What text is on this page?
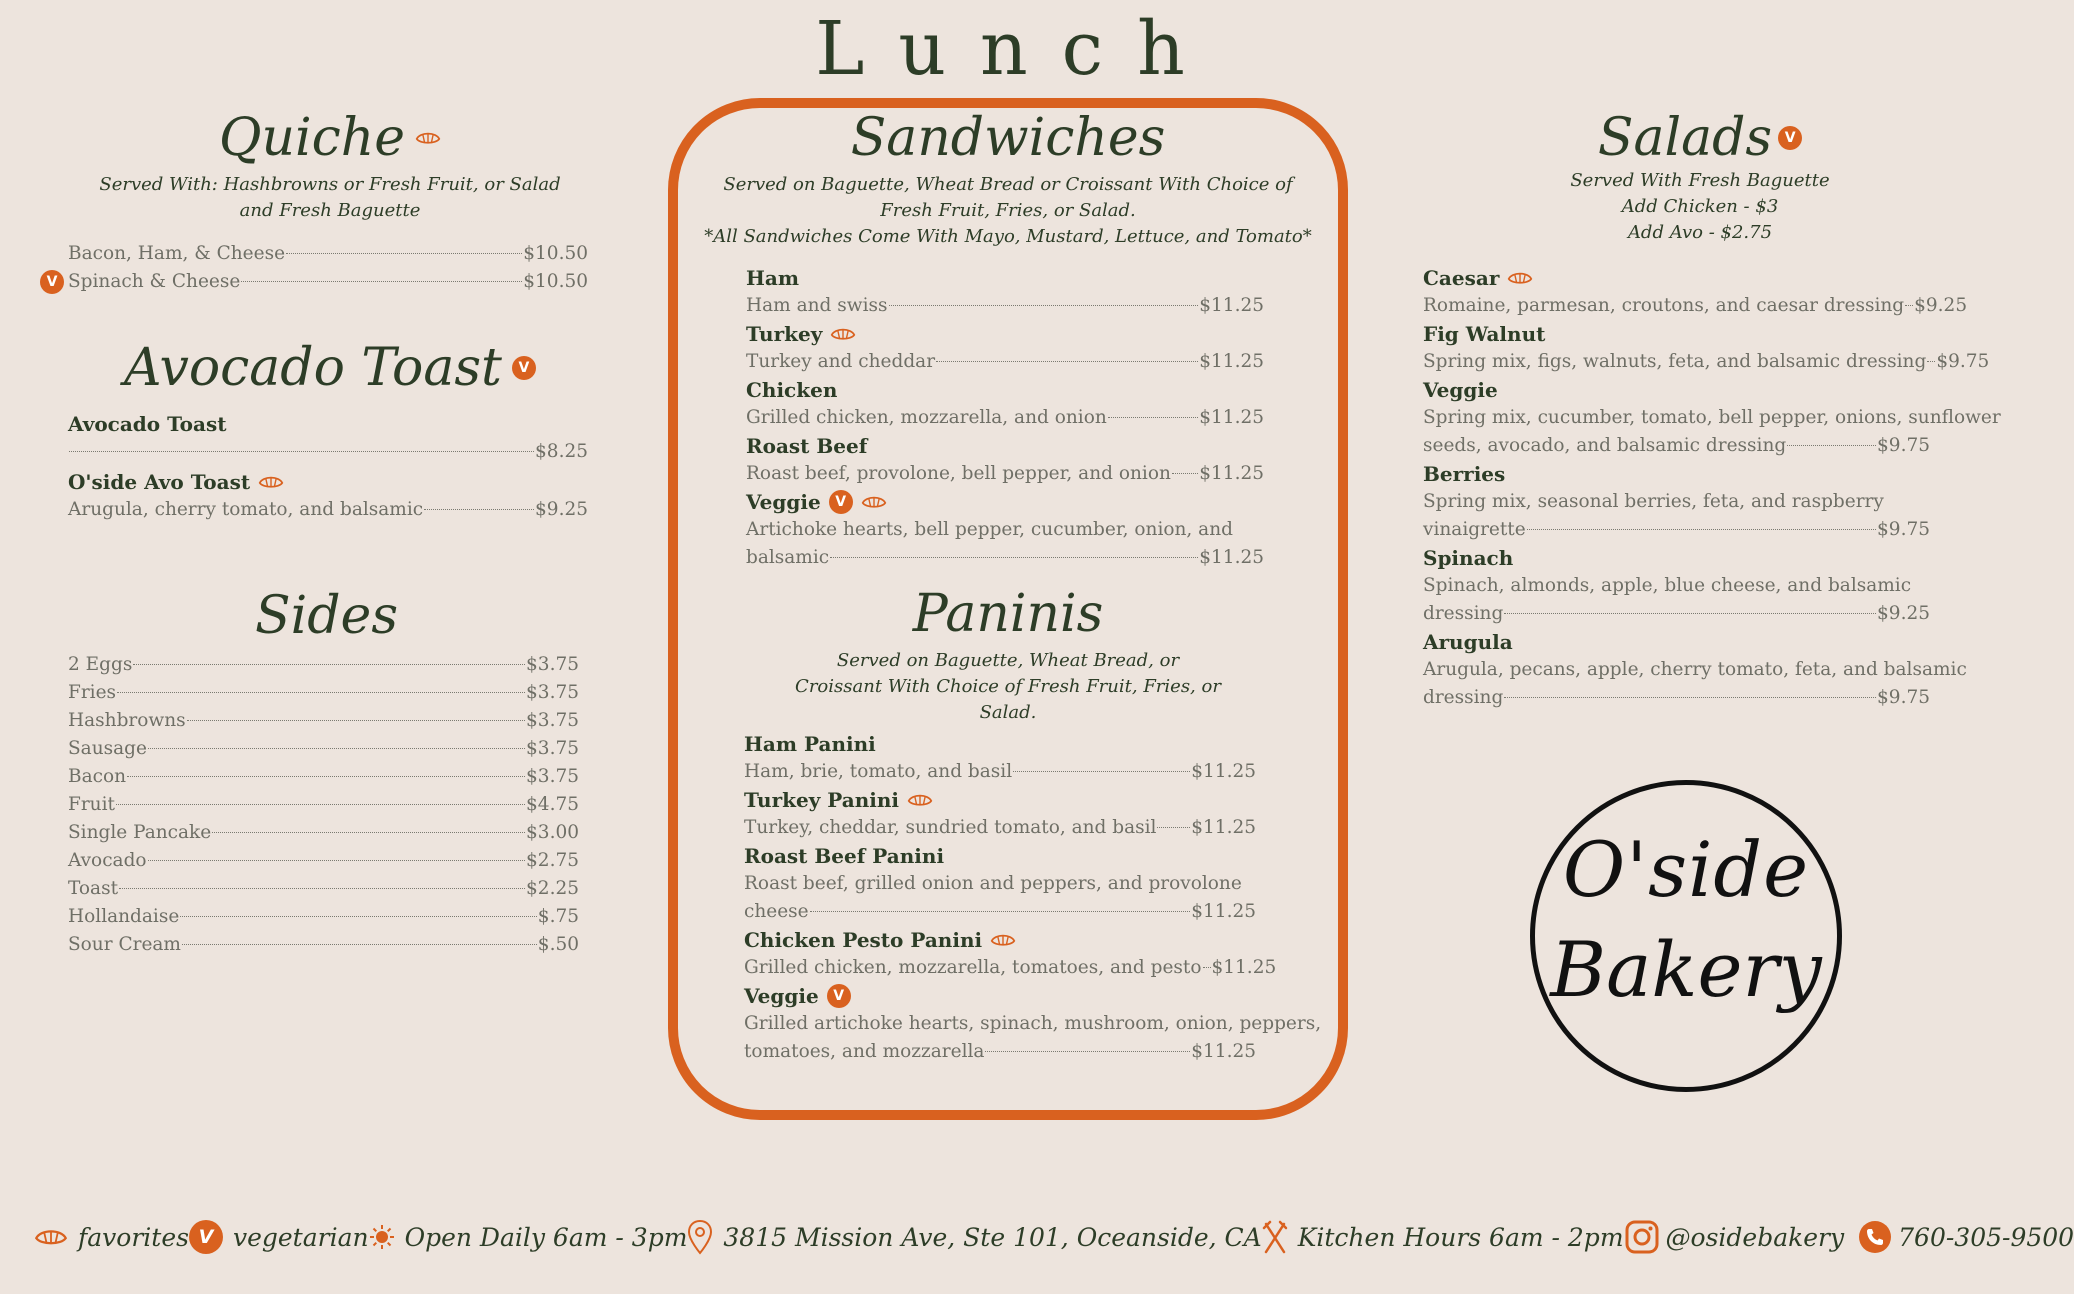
Lunch
Quiche
Served With: Hashbrowns or Fresh Fruit, or Salad
and Fresh Baguette
Bacon, Ham, & Cheese	$10.50
V Spinach & Cheese	$10.50
Avocado Toast	V
Avocado Toast
$8.25
O'side Avo Toast
Arugula, cherry tomato, and balsamic	$9.25
Sides
2 Eggs	$3.75
Fries	$3.75
Hashbrowns	$3.75
Sausage	$3.75
Bacon	$3.75
Fruit	$4.75
Single Pancake	$3.00
Avocado	$2.75
Toast	$2.25
Hollandaise	$.75
Sour Cream	$.50
Sandwiches
Served on Baguette, Wheat Bread or Croissant With Choice of
Fresh Fruit, Fries, or Salad.
*All Sandwiches Come With Mayo, Mustard, Lettuce, and Tomato*
Ham
Ham and swiss	$11.25
Turkey
Turkey and cheddar	$11.25
Chicken
Grilled chicken, mozzarella, and onion	$11.25
Roast Beef
Roast beef, provolone, bell pepper, and onion $11.25
Veggie	V
Artichoke hearts, bell pepper, cucumber, onion, and
balsamic	$11.25
Paninis
Served on Baguette, Wheat Bread, or
Croissant With Choice of Fresh Fruit, Fries, or
Salad.
Ham Panini
Ham, brie, tomato, and basil	$11.25
Turkey Panini
Turkey, cheddar, sundried tomato, and basil $11.25
Roast Beef Panini
Roast beef, grilled onion and peppers, and provolone
cheese	$11.25
Chicken Pesto Panini
Grilled chicken, mozzarella, tomatoes, and pesto $11.25
Veggie	V
Grilled artichoke hearts, spinach, mushroom, onion, peppers,
tomatoes, and mozzarella	$11.25
Salads V
Served With Fresh Baguette
Add Chicken - $3
Add Avo - $2.75
Caesar
Romaine, parmesan, croutons, and caesar dressing $9.25
Fig Walnut
Spring mix, figs, walnuts, feta, and balsamic dressing $9.75
Veggie
Spring mix, cucumber, tomato, bell pepper, onions, sunflower
seeds, avocado, and balsamic dressing	$9.75
Berries
Spring mix, seasonal berries, feta, and raspberry
vinaigrette	$9.75
Spinach
Spinach, almonds, apple, blue cheese, and balsamic
dressing	$9.25
Arugula
Arugula, pecans, apple, cherry tomato, feta, and balsamic
dressing	$9.75
O'side
Bakery
favorites V vegetarian Open Daily 6am - 3pm 3815 Mission Ave, Ste 101, Oceanside, CA Kitchen Hours 6am - 2pm @osidebakery 760-305-9500
